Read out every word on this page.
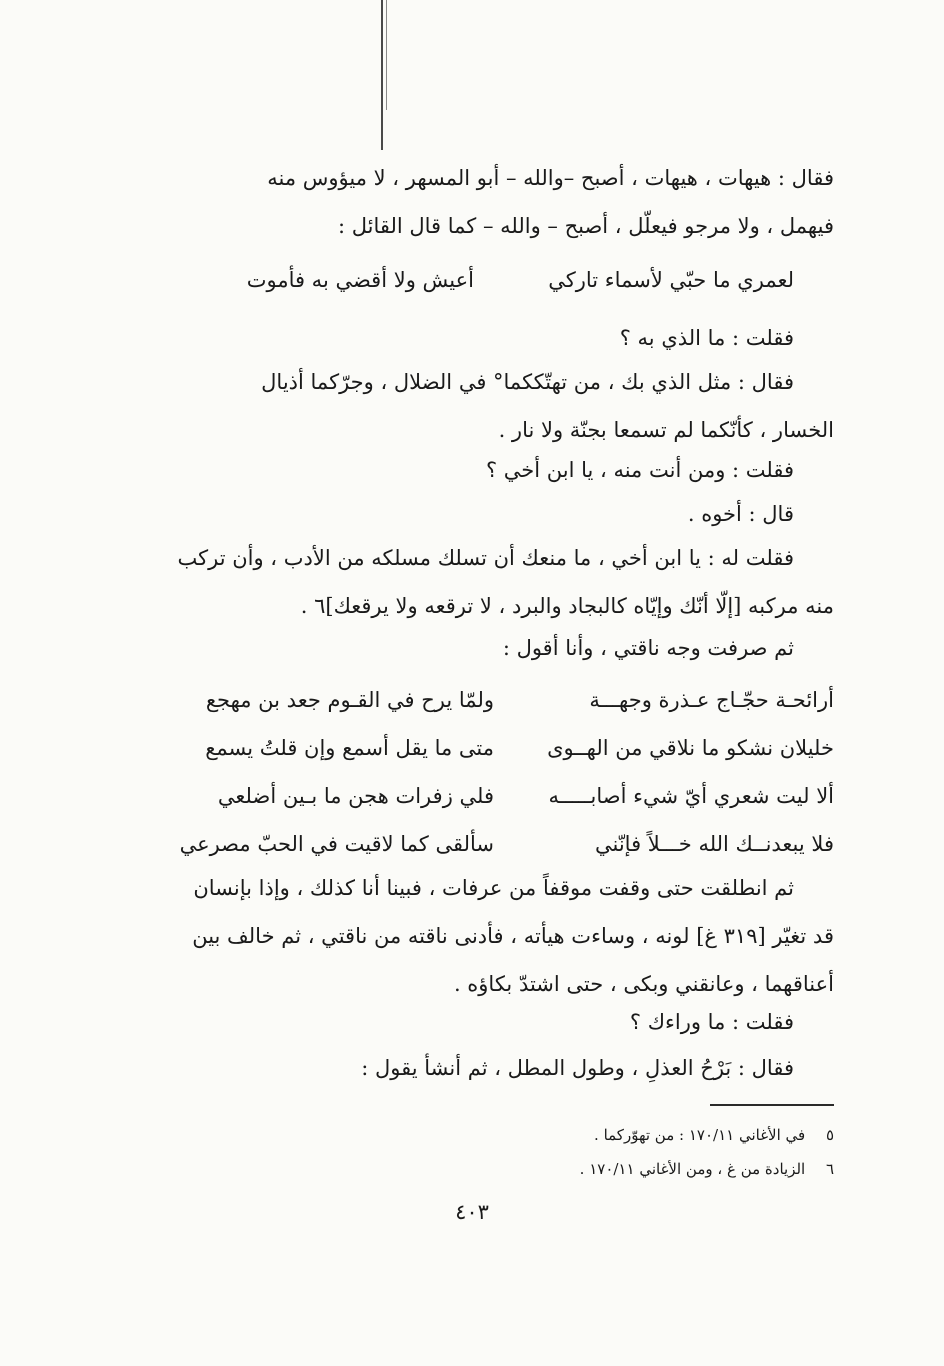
فقال : هيهات ، هيهات ، أصبح –والله – أبو المسهر ، لا ميؤوس منه
فيهمل ، ولا مرجو فيعلّل ، أصبح – والله – كما قال القائل :
لعمري ما حبّي لأسماء تاركي
أعيش ولا أقضي به فأموت
فقلت : ما الذي به ؟
فقال : مثل الذي بك ، من تهتّككما° في الضلال ، وجرّكما أذيال
الخسار ، كأنّكما لم تسمعا بجنّة ولا نار .
فقلت : ومن أنت منه ، يا ابن أخي ؟
قال : أخوه .
فقلت له : يا ابن أخي ، ما منعك أن تسلك مسلكه من الأدب ، وأن تركب
منه مركبه [إلّا أنّك وإيّاه كالبجاد والبرد ، لا ترقعه ولا يرقعك]٦ .
ثم صرفت وجه ناقتي ، وأنا أقول :
أرائحـة حجّـاج عـذرة وجهـــة
ولمّا يرح في القـوم جعد بن مهجع
خليلان نشكو ما نلاقي من الهــوى
متى ما يقل أسمع وإن قلتُ يسمع
ألا ليت شعري أيّ شيء أصابـــــه
فلي زفرات هجن ما بـين أضلعي
فلا يبعدنــك الله خـــلاً فإنّني
سألقى كما لاقيت في الحبّ مصرعي
ثم انطلقت حتى وقفت موقفاً من عرفات ، فبينا أنا كذلك ، وإذا بإنسان
قد تغيّر [٣١٩ غ] لونه ، وساءت هيأته ، فأدنى ناقته من ناقتي ، ثم خالف بين
أعناقهما ، وعانقني وبكى ، حتى اشتدّ بكاؤه .
فقلت : ما وراءك ؟
فقال : بَرْحُ العذلِ ، وطول المطل ، ثم أنشأ يقول :
٥ في الأغاني ١٧٠/١١ : من تهوّركما .
٦ الزيادة من غ ، ومن الأغاني ١٧٠/١١ .
٤٠٣
